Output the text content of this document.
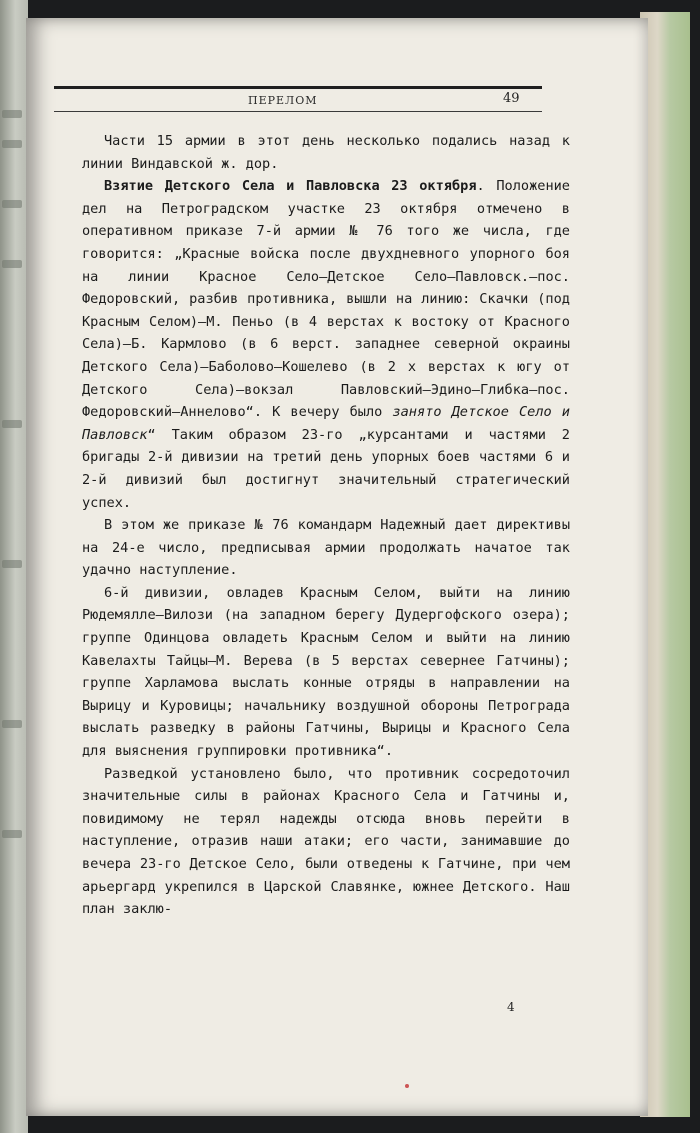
ПЕРЕЛОМ	49

Части 15 армии в этот день несколько подались назад к линии Виндавской ж. дор.

Взятие Детского Села и Павловска 23 октября. Положение дел на Петроградском участке 23 октября отмечено в оперативном приказе 7-й армии № 76 того же числа, где говорится: „Красные войска после двухдневного упорного боя на линии Красное Село—Детское Село—Павловск.—пос. Федоровский, разбив противника, вышли на линию: Скачки (под Красным Селом)—М. Пеньо (в 4 верстах к востоку от Красного Села)—Б. Кармлово (в 6 верст. западнее северной окраины Детского Села)—Баболово—Кошелево (в 2 х верстах к югу от Детского Села)—вокзал Павловский—Эдино—Глибка—пос. Федоровский—Аннелово“. К вечеру было занято Детское Село и Павловск“ Таким образом 23-го „курсантами и частями 2 бригады 2-й дивизии на третий день упорных боев частями 6 и 2-й дивизий был достигнут значительный стратегический успех.

В этом же приказе № 76 командарм Надежный дает директивы на 24-е число, предписывая армии продолжать начатое так удачно наступление.

6-й дивизии, овладев Красным Селом, выйти на линию Рюдемялле—Вилози (на западном берегу Дудергофского озера); группе Одинцова овладеть Красным Селом и выйти на линию Кавелахты Тайцы—М. Верева (в 5 верстах севернее Гатчины); группе Харламова выслать конные отряды в направлении на Вырицу и Куровицы; начальнику воздушной обороны Петрограда выслать разведку в районы Гатчины, Вырицы и Красного Села для выяснения группировки противника“.

Разведкой установлено было, что противник сосредоточил значительные силы в районах Красного Села и Гатчины и, повидимому не терял надежды отсюда вновь перейти в наступление, отразив наши атаки; его части, занимавшие до вечера 23-го Детское Село, были отведены к Гатчине, при чем арьергард укрепился в Царской Славянке, южнее Детского. Наш план заклю-

4
